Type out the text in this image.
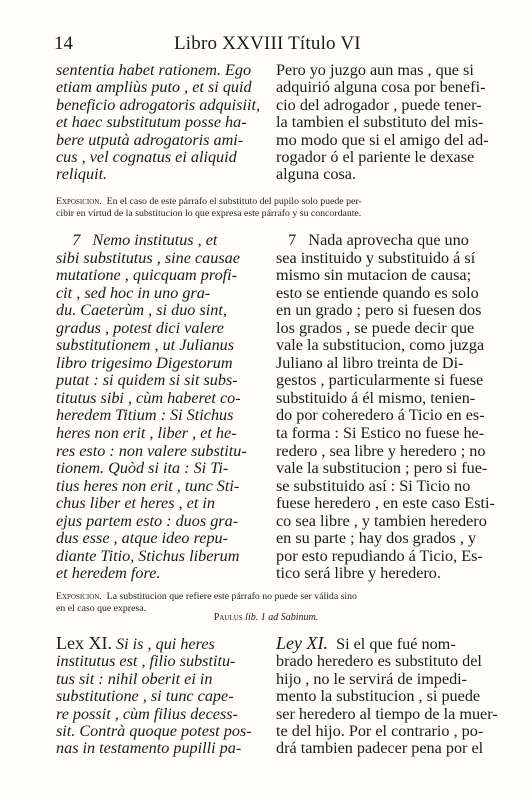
14	Libro XXVIII Título VI
sententia habet rationem. Ego
etiam ampliùs puto , et si quid
beneficio adrogatoris adquisiit,
et haec substitutum posse ha-
bere utputà adrogatoris ami-
cus , vel cognatus ei aliquid
reliquit.
Pero yo juzgo aun mas , que si
adquirió alguna cosa por benefi-
cio del adrogador , puede tener-
la tambien el substituto del mis-
mo modo que si el amigo del ad-
rogador ó el pariente le dexase
alguna cosa.
Exposicion.  En el caso de este párrafo el substituto del pupilo solo puede per-
cibir en virtud de la substitucion lo que expresa este párrafo y su concordante.
7   Nemo institutus , et
sibi substitutus , sine causae
mutatione , quicquam profi-
cit , sed hoc in uno gra-
du. Caeterùm , si duo sint,
gradus , potest dici valere
substitutionem , ut Julianus
libro trigesimo Digestorum
putat : si quidem si sit subs-
titutus sibi , cùm haberet co-
heredem Titium : Si Stichus
heres non erit , liber , et he-
res esto : non valere substitu-
tionem. Quòd si ita : Si Ti-
tius heres non erit , tunc Sti-
chus liber et heres , et in
ejus partem esto : duos gra-
dus esse , atque ideo repu-
diante Titio, Stichus liberum
et heredem fore.
7   Nada aprovecha que uno
sea instituido y substituido á sí
mismo sin mutacion de causa;
esto se entiende quando es solo
en un grado ; pero si fuesen dos
los grados , se puede decir que
vale la substitucion, como juzga
Juliano al libro treinta de Di-
gestos , particularmente si fuese
substituido á él mismo, tenien-
do por coheredero á Ticio en es-
ta forma : Si Estico no fuese he-
redero , sea libre y heredero ; no
vale la substitucion ; pero si fue-
se substituido así : Si Ticio no
fuese heredero , en este caso Esti-
co sea libre , y tambien heredero
en su parte ; hay dos grados , y
por esto repudiando á Ticio, Es-
tico será libre y heredero.
Exposicion.  La substitucion que refiere este párrafo no puede ser válida sino
en el caso que expresa.
Paulus lib. 1 ad Sabinum.
Lex XI. Si is , qui heres
institutus est , filio substitu-
tus sit : nihil oberit ei in
substitutione , si tunc cape-
re possit , cùm filius decess-
sit. Contrà quoque potest pos-
nas in testamento pupilli pa-
Ley XI.  Si el que fué nom-
brado heredero es substituto del
hijo , no le servirá de impedi-
mento la substitucion , si puede
ser heredero al tiempo de la muer-
te del hijo. Por el contrario , po-
drá tambien padecer pena por el
